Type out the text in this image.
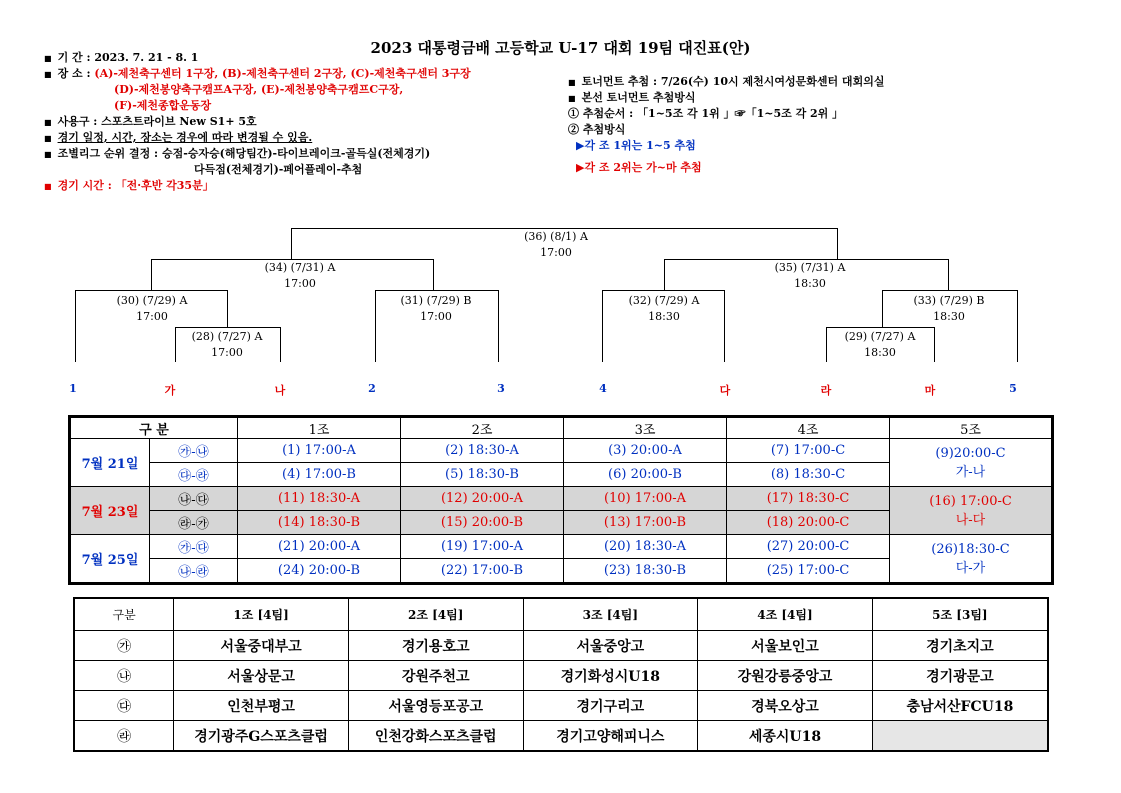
2023 대통령금배 고등학교 U-17 대회 19팀 대진표(안)
■ 기 간 : 2023. 7. 21 - 8. 1
■ 장 소 : (A)-제천축구센터 1구장, (B)-제천축구센터 2구장, (C)-제천축구센터 3구장
(D)-제천봉양축구캠프A구장, (E)-제천봉양축구캠프C구장,
(F)-제천종합운동장
■ 사용구 : 스포츠트라이브 New S1+ 5호
■ 경기 일정, 시간, 장소는 경우에 따라 변경될 수 있음.
■ 조별리그 순위 결정 : 승점-승자승(해당팀간)-타이브레이크-골득실(전체경기)
다득점(전체경기)-페어플레이-추첨
■ 경기 시간 : 「전·후반 각35분」
■ 토너먼트 추첨 : 7/26(수) 10시 제천시여성문화센터 대회의실
■ 본선 토너먼트 추첨방식
① 추첨순서 : 「1~5조 각 1위 」☞「1~5조 각 2위 」
② 추첨방식
▶각 조 1위는 1~5 추첨
▶각 조 2위는 가~마 추첨
(36) (8/1) A
17:00
(34) (7/31) A
17:00
(35) (7/31) A
18:30
(30) (7/29) A
17:00
(31) (7/29) B
17:00
(32) (7/29) A
18:30
(33) (7/29) B
18:30
(28) (7/27) A
17:00
(29) (7/27) A
18:30
1	가	나	2	3	4	다	라	마	5
구 분		1조	2조	3조	4조	5조
7월 21일	㉮-㉯	(1) 17:00-A	(2) 18:30-A	(3) 20:00-A	(7) 17:00-C	(9)20:00-C
가-나

	㉰-㉱	(4) 17:00-B	(5) 18:30-B	(6) 20:00-B	(8) 18:30-C	
7월 23일	㉯-㉰	(11) 18:30-A	(12) 20:00-A	(10) 17:00-A	(17) 18:30-C	(16) 17:00-C
나-다

	㉱-㉮	(14) 18:30-B	(15) 20:00-B	(13) 17:00-B	(18) 20:00-C	
7월 25일	㉮-㉰	(21) 20:00-A	(19) 17:00-A	(20) 18:30-A	(27) 20:00-C	(26)18:30-C
다-가

	㉯-㉱	(24) 20:00-B	(22) 17:00-B	(23) 18:30-B	(25) 17:00-C	
구분	1조 [4팀]	2조 [4팀]	3조 [4팀]	4조 [4팀]	5조 [3팀]
㉮	서울중대부고	경기용호고	서울중앙고	서울보인고	경기초지고
㉯	서울상문고	강원주천고	경기화성시U18	강원강릉중앙고	경기광문고
㉰	인천부평고	서울영등포공고	경기구리고	경북오상고	충남서산FCU18
㉱	경기광주G스포츠클럽	인천강화스포츠클럽	경기고양해피니스	세종시U18	
